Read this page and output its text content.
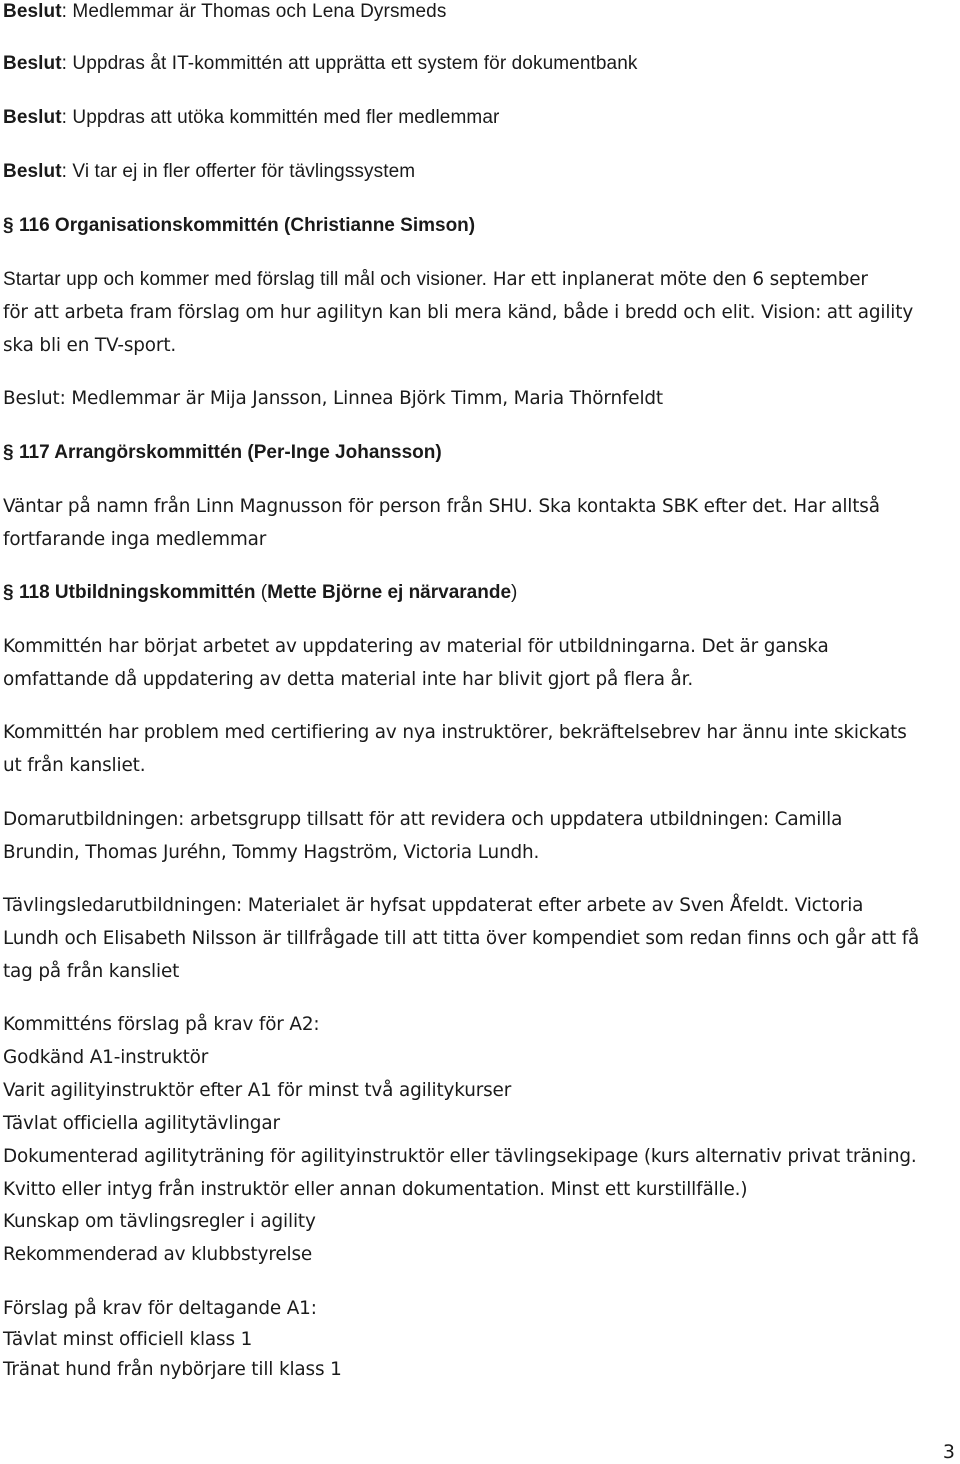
Beslut: Medlemmar är Thomas och Lena Dyrsmeds
Beslut: Uppdras åt IT-kommittén att upprätta ett system för dokumentbank
Beslut: Uppdras att utöka kommittén med fler medlemmar
Beslut: Vi tar ej in fler offerter för tävlingssystem
§ 116 Organisationskommittén (Christianne Simson)
Startar upp och kommer med förslag till mål och visioner. Har ett inplanerat möte den 6 september
för att arbeta fram förslag om hur agilityn kan bli mera känd, både i bredd och elit. Vision: att agility
ska bli en TV-sport.
Beslut: Medlemmar är Mija Jansson, Linnea Björk Timm, Maria Thörnfeldt
§ 117 Arrangörskommittén (Per-Inge Johansson)
Väntar på namn från Linn Magnusson för person från SHU. Ska kontakta SBK efter det. Har alltså
fortfarande inga medlemmar
§ 118 Utbildningskommittén (Mette Björne ej närvarande)
Kommittén har börjat arbetet av uppdatering av material för utbildningarna. Det är ganska
omfattande då uppdatering av detta material inte har blivit gjort på flera år.
Kommittén har problem med certifiering av nya instruktörer, bekräftelsebrev har ännu inte skickats
ut från kansliet.
Domarutbildningen: arbetsgrupp tillsatt för att revidera och uppdatera utbildningen: Camilla
Brundin, Thomas Juréhn, Tommy Hagström, Victoria Lundh.
Tävlingsledarutbildningen: Materialet är hyfsat uppdaterat efter arbete av Sven Åfeldt. Victoria
Lundh och Elisabeth Nilsson är tillfrågade till att titta över kompendiet som redan finns och går att få
tag på från kansliet
Kommitténs förslag på krav för A2:
Godkänd A1-instruktör
Varit agilityinstruktör efter A1 för minst två agilitykurser
Tävlat officiella agilitytävlingar
Dokumenterad agilityträning för agilityinstruktör eller tävlingsekipage (kurs alternativ privat träning.
Kvitto eller intyg från instruktör eller annan dokumentation. Minst ett kurstillfälle.)
Kunskap om tävlingsregler i agility
Rekommenderad av klubbstyrelse
Förslag på krav för deltagande A1:
Tävlat minst officiell klass 1
Tränat hund från nybörjare till klass 1
3
